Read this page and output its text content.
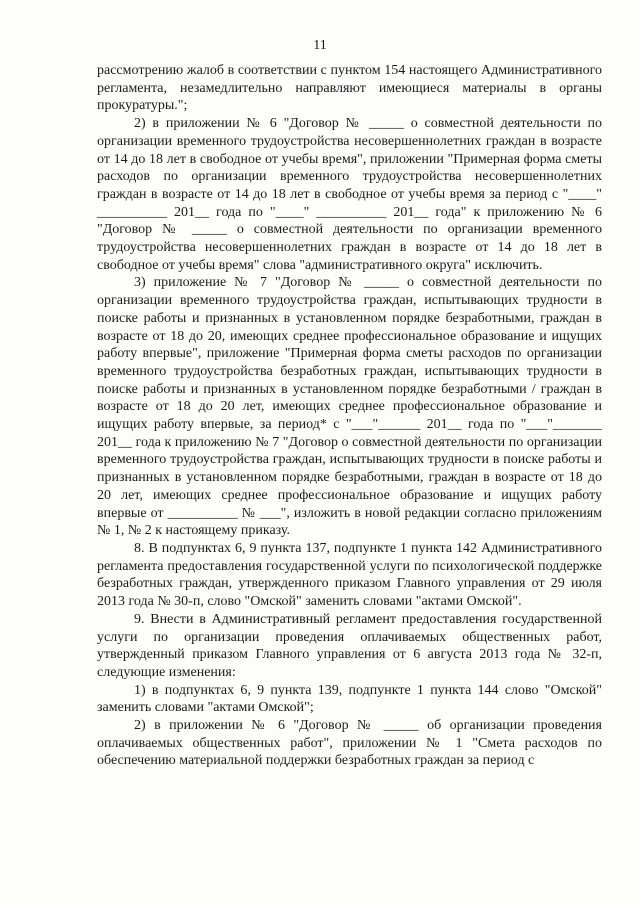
11

рассмотрению жалоб в соответствии с пунктом 154 настоящего Административного регламента, незамедлительно направляют имеющиеся материалы в органы прокуратуры.";

2) в приложении № 6 "Договор № _____ о совместной деятельности по организации временного трудоустройства несовершеннолетних граждан в возрасте от 14 до 18 лет в свободное от учебы время", приложении "Примерная форма сметы расходов по организации временного трудоустройства несовершеннолетних граждан в возрасте от 14 до 18 лет в свободное от учебы время за период с "____" __________ 201__ года по "____" __________ 201__ года" к приложению № 6 "Договор № _____ о совместной деятельности по организации временного трудоустройства несовершеннолетних граждан в возрасте от 14 до 18 лет в свободное от учебы время" слова "административного округа" исключить.

3) приложение № 7 "Договор № _____ о совместной деятельности по организации временного трудоустройства граждан, испытывающих трудности в поиске работы и признанных в установленном порядке безработными, граждан в возрасте от 18 до 20, имеющих среднее профессиональное образование и ищущих работу впервые", приложение "Примерная форма сметы расходов по организации временного трудоустройства безработных граждан, испытывающих трудности в поиске работы и признанных в установленном порядке безработными / граждан в возрасте от 18 до 20 лет, имеющих среднее профессиональное образование и ищущих работу впервые, за период* с "___"______ 201__ года по "___"_______ 201__ года к приложению № 7 "Договор о совместной деятельности по организации временного трудоустройства граждан, испытывающих трудности в поиске работы и признанных в установленном порядке безработными, граждан в возрасте от 18 до 20 лет, имеющих среднее профессиональное образование и ищущих работу впервые от __________ № ___", изложить в новой редакции согласно приложениям № 1, № 2 к настоящему приказу.

8. В подпунктах 6, 9 пункта 137, подпункте 1 пункта 142 Административного регламента предоставления государственной услуги по психологической поддержке безработных граждан, утвержденного приказом Главного управления от 29 июля 2013 года № 30-п, слово "Омской" заменить словами "актами Омской".

9. Внести в Административный регламент предоставления государственной услуги по организации проведения оплачиваемых общественных работ, утвержденный приказом Главного управления от 6 августа 2013 года № 32-п, следующие изменения:

1) в подпунктах 6, 9 пункта 139, подпункте 1 пункта 144 слово "Омской" заменить словами "актами Омской";

2) в приложении № 6 "Договор № _____ об организации проведения оплачиваемых общественных работ", приложении № 1 "Смета расходов по обеспечению материальной поддержки безработных граждан за период с
